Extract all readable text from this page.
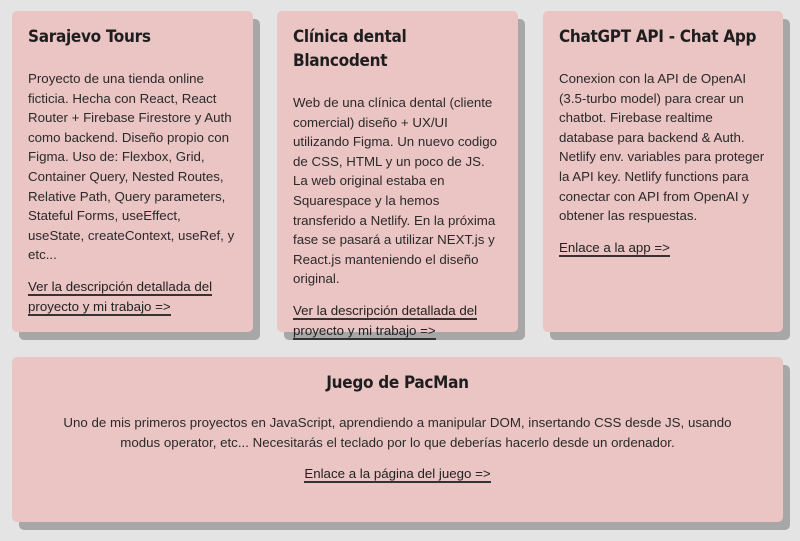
Sarajevo Tours

Proyecto de una tienda online ficticia. Hecha con React, React Router + Firebase Firestore y Auth como backend. Diseño propio con Figma. Uso de: Flexbox, Grid, Container Query, Nested Routes, Relative Path, Query parameters, Stateful Forms, useEffect, useState, createContext, useRef, y etc...

Ver la descripción detallada del proyecto y mi trabajo =>
Clínica dental Blancodent

Web de una clínica dental (cliente comercial) diseño + UX/UI utilizando Figma. Un nuevo codigo de CSS, HTML y un poco de JS. La web original estaba en Squarespace y la hemos transferido a Netlify. En la próxima fase se pasará a utilizar NEXT.js y React.js manteniendo el diseño original.

Ver la descripción detallada del proyecto y mi trabajo =>
ChatGPT API - Chat App

Conexion con la API de OpenAI (3.5-turbo model) para crear un chatbot. Firebase realtime database para backend & Auth. Netlify env. variables para proteger la API key. Netlify functions para conectar con API from OpenAI y obtener las respuestas.

Enlace a la app =>
Juego de PacMan

Uno de mis primeros proyectos en JavaScript, aprendiendo a manipular DOM, insertando CSS desde JS, usando modus operator, etc... Necesitarás el teclado por lo que deberías hacerlo desde un ordenador.

Enlace a la página del juego =>
